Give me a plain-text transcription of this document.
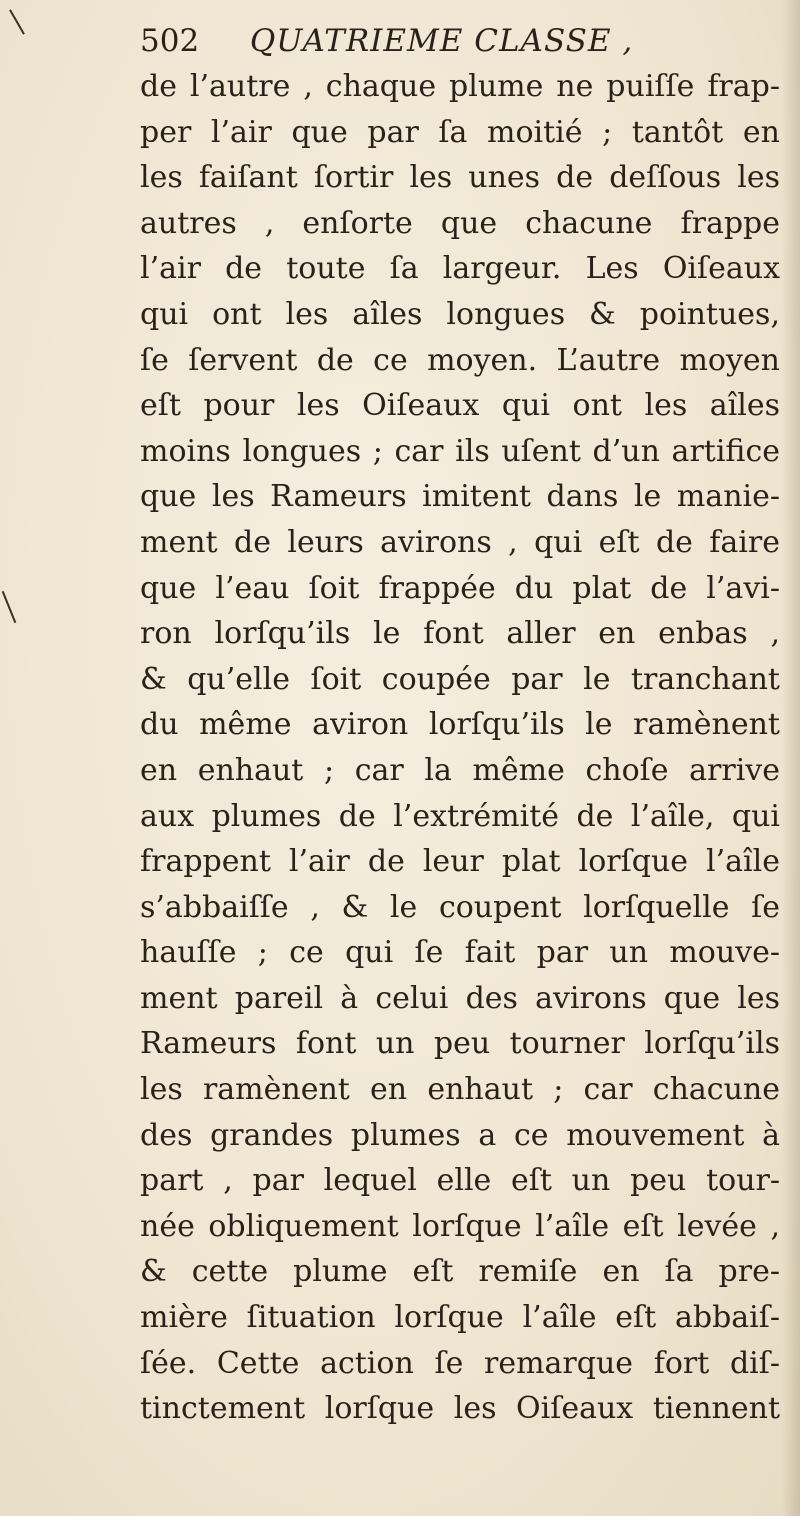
502 QUATRIEME CLASSE ,
de l’autre , chaque plume ne puiſſe frap-
per l’air que par ſa moitié ; tantôt en
les faiſant ſortir les unes de deſſous les
autres , enſorte que chacune frappe
l’air de toute ſa largeur. Les Oiſeaux
qui ont les aîles longues & pointues,
ſe ſervent de ce moyen. L’autre moyen
eſt pour les Oiſeaux qui ont les aîles
moins longues ; car ils uſent d’un artifice
que les Rameurs imitent dans le manie-
ment de leurs avirons , qui eſt de faire
que l’eau ſoit frappée du plat de l’avi-
ron lorſqu’ils le font aller en enbas ,
& qu’elle ſoit coupée par le tranchant
du même aviron lorſqu’ils le ramènent
en enhaut ; car la même choſe arrive
aux plumes de l’extrémité de l’aîle, qui
frappent l’air de leur plat lorſque l’aîle
s’abbaiſſe , & le coupent lorſquelle ſe
hauſſe ; ce qui ſe fait par un mouve-
ment pareil à celui des avirons que les
Rameurs font un peu tourner lorſqu’ils
les ramènent en enhaut ; car chacune
des grandes plumes a ce mouvement à
part , par lequel elle eſt un peu tour-
née obliquement lorſque l’aîle eſt levée ,
& cette plume eſt remiſe en ſa pre-
mière ſituation lorſque l’aîle eſt abbaiſ-
ſée. Cette action ſe remarque fort diſ-
tinctement lorſque les Oiſeaux tiennent
